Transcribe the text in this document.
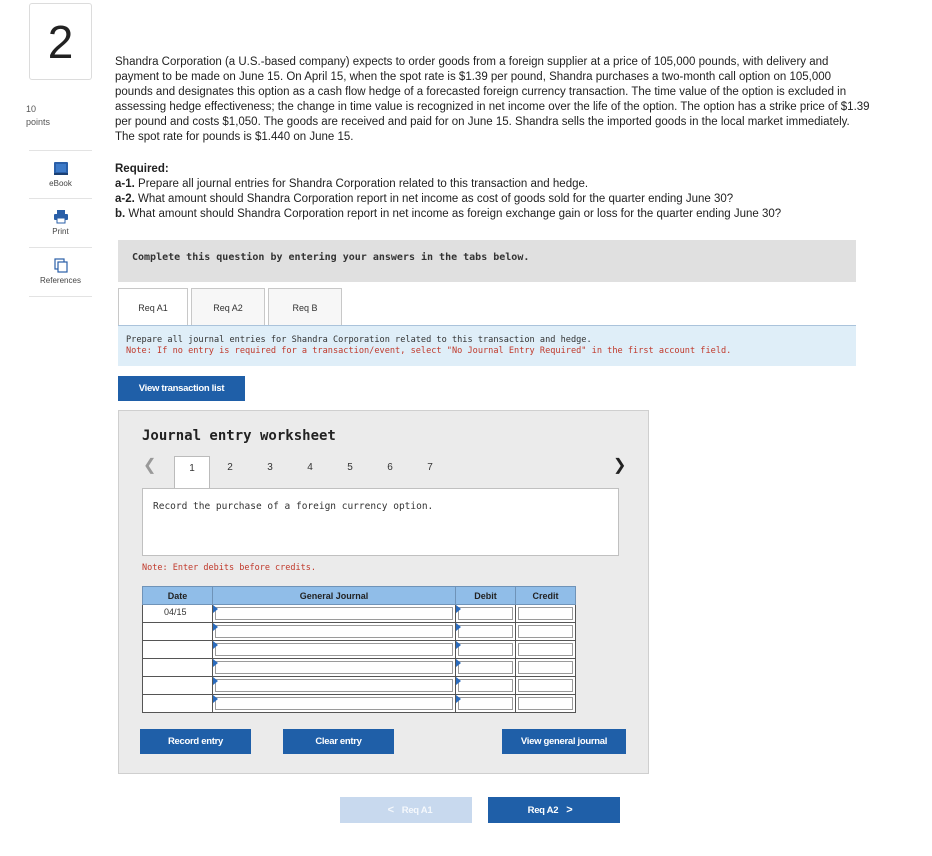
2
10
points
eBook
Print
References
Shandra Corporation (a U.S.-based company) expects to order goods from a foreign supplier at a price of 105,000 pounds, with delivery and payment to be made on June 15. On April 15, when the spot rate is $1.39 per pound, Shandra purchases a two-month call option on 105,000 pounds and designates this option as a cash flow hedge of a forecasted foreign currency transaction. The time value of the option is excluded in assessing hedge effectiveness; the change in time value is recognized in net income over the life of the option. The option has a strike price of $1.39 per pound and costs $1,050. The goods are received and paid for on June 15. Shandra sells the imported goods in the local market immediately. The spot rate for pounds is $1.440 on June 15.
Required:
a-1. Prepare all journal entries for Shandra Corporation related to this transaction and hedge.
a-2. What amount should Shandra Corporation report in net income as cost of goods sold for the quarter ending June 30?
b. What amount should Shandra Corporation report in net income as foreign exchange gain or loss for the quarter ending June 30?
Complete this question by entering your answers in the tabs below.
Req A1	Req A2	Req B
Prepare all journal entries for Shandra Corporation related to this transaction and hedge.
Note: If no entry is required for a transaction/event, select "No Journal Entry Required" in the first account field.
View transaction list
Journal entry worksheet
❮	1	2	3	4	5	6	7	❯
Record the purchase of a foreign currency option.
Note: Enter debits before credits.
Date	General Journal	Debit	Credit
04/15	

Record entry	Clear entry	View general journal
< Req A1	Req A2 >
